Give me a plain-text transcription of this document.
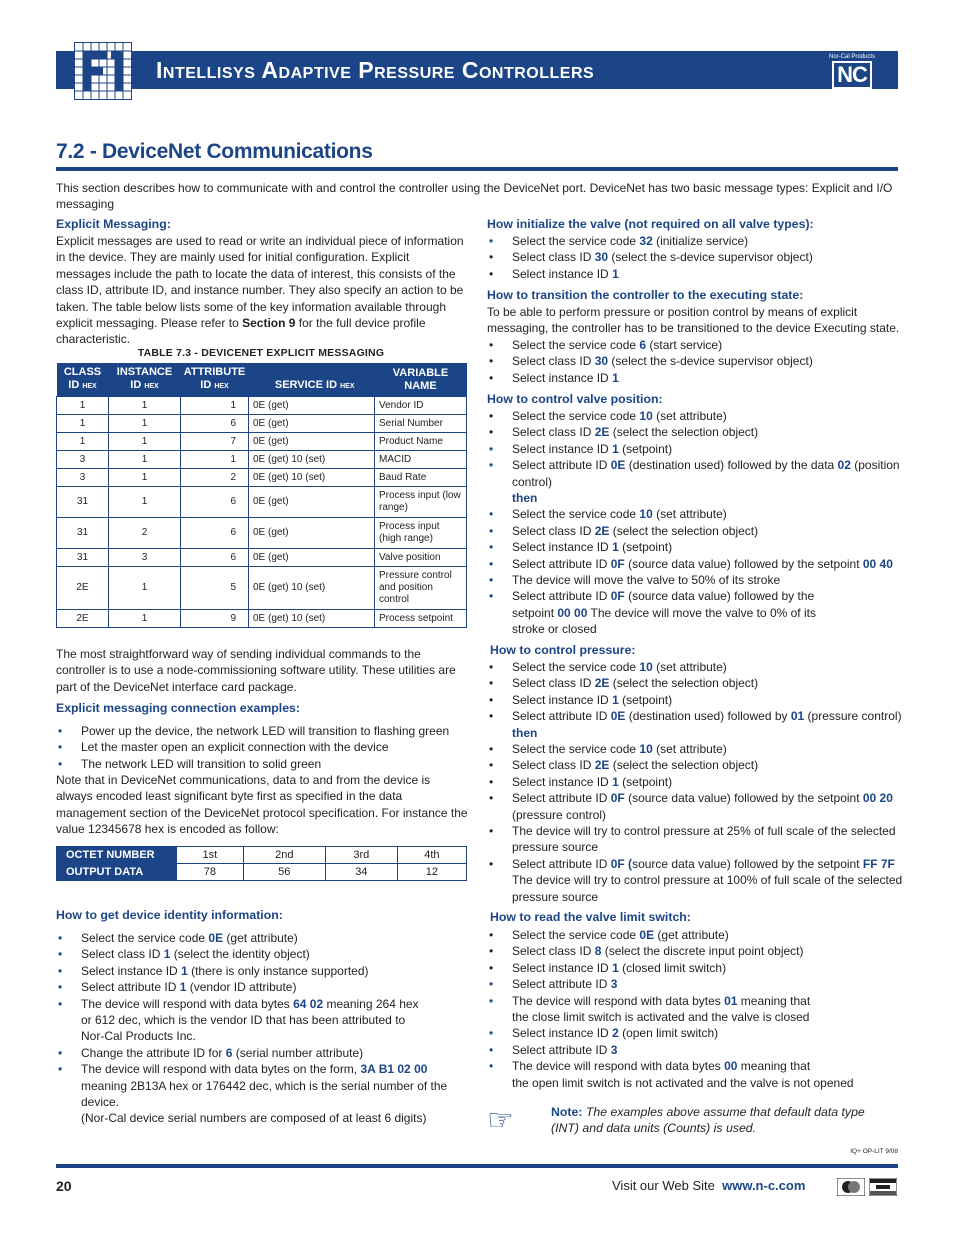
Intellisys Adaptive Pressure Controllers	Nor-Cal Products
NC
7.2 - DeviceNet Communications
This section describes how to communicate with and control the controller using the DeviceNet port. DeviceNet has two basic message types: Explicit and I/O messaging
Explicit Messaging:
Explicit messages are used to read or write an individual piece of information in the device. They are mainly used for initial configuration. Explicit messages include the path to locate the data of interest, this consists of the class ID, attribute ID, and instance number. They also specify an action to be taken. The table below lists some of the key information available through explicit messaging. Please refer to Section 9 for the full device profile characteristic.
TABLE 7.3 - DEVICENET EXPLICIT MESSAGING
CLASS ID HEX	INSTANCE ID HEX	ATTRIBUTE ID HEX	SERVICE ID HEX	VARIABLE NAME
1	1	1	0E (get)	Vendor ID
1	1	6	0E (get)	Serial Number
1	1	7	0E (get)	Product Name
3	1	1	0E (get) 10 (set)	MACID
3	1	2	0E (get) 10 (set)	Baud Rate
31	1	6	0E (get)	Process input (low range)
31	2	6	0E (get)	Process input (high range)
31	3	6	0E (get)	Valve position
2E	1	5	0E (get) 10 (set)	Pressure control and position control
2E	1	9	0E (get) 10 (set)	Process setpoint
The most straightforward way of sending individual commands to the controller is to use a node-commissioning software utility. These utilities are part of the DeviceNet interface card package.
Explicit messaging connection examples:
• Power up the device, the network LED will transition to flashing green
• Let the master open an explicit connection with the device
• The network LED will transition to solid green
Note that in DeviceNet communications, data to and from the device is always encoded least significant byte first as specified in the data management section of the DeviceNet protocol specification. For instance the value 12345678 hex is encoded as follow:
OCTET NUMBER	1st	2nd	3rd	4th
OUTPUT DATA	78	56	34	12
How to get device identity information:
• Select the service code 0E (get attribute)
• Select class ID 1 (select the identity object)
• Select instance ID 1 (there is only instance supported)
• Select attribute ID 1 (vendor ID attribute)
• The device will respond with data bytes 64 02 meaning 264 hex
or 612 dec, which is the vendor ID that has been attributed to
Nor-Cal Products Inc.
• Change the attribute ID for 6 (serial number attribute)
• The device will respond with data bytes on the form, 3A B1 02 00
meaning 2B13A hex or 176442 dec, which is the serial number of the device.
(Nor-Cal device serial numbers are composed of at least 6 digits)
How initialize the valve (not required on all valve types):
• Select the service code 32 (initialize service)
• Select class ID 30 (select the s-device supervisor object)
• Select instance ID 1
How to transition the controller to the executing state:
To be able to perform pressure or position control by means of explicit messaging, the controller has to be transitioned to the device Executing state.
• Select the service code 6 (start service)
• Select class ID 30 (select the s-device supervisor object)
• Select instance ID 1
How to control valve position:
• Select the service code 10 (set attribute)
• Select class ID 2E (select the selection object)
• Select instance ID 1 (setpoint)
• Select attribute ID 0E (destination used) followed by the data 02 (position
control)
then
• Select the service code 10 (set attribute)
• Select class ID 2E (select the selection object)
• Select instance ID 1 (setpoint)
• Select attribute ID 0F (source data value) followed by the setpoint 00 40
• The device will move the valve to 50% of its stroke
• Select attribute ID 0F (source data value) followed by the
setpoint 00 00 The device will move the valve to 0% of its
stroke or closed
How to control pressure:
• Select the service code 10 (set attribute)
• Select class ID 2E (select the selection object)
• Select instance ID 1 (setpoint)
• Select attribute ID 0E (destination used) followed by 01 (pressure control)
then
• Select the service code 10 (set attribute)
• Select class ID 2E (select the selection object)
• Select instance ID 1 (setpoint)
• Select attribute ID 0F (source data value) followed by the setpoint 00 20
(pressure control)
• The device will try to control pressure at 25% of full scale of the selected
pressure source
• Select attribute ID 0F (source data value) followed by the setpoint FF 7F
The device will try to control pressure at 100% of full scale of the selected
pressure source
How to read the valve limit switch:
• Select the service code 0E (get attribute)
• Select class ID 8 (select the discrete input point object)
• Select instance ID 1 (closed limit switch)
• Select attribute ID 3
• The device will respond with data bytes 01 meaning that
the close limit switch is activated and the valve is closed
• Select instance ID 2 (open limit switch)
• Select attribute ID 3
• The device will respond with data bytes 00 meaning that
the open limit switch is not activated and the valve is not opened
☞	Note: The examples above assume that default data type (INT) and data units (Counts) is used.
IQ+ OP-LIT 9/08
20	Visit our Web Site www.n-c.com
